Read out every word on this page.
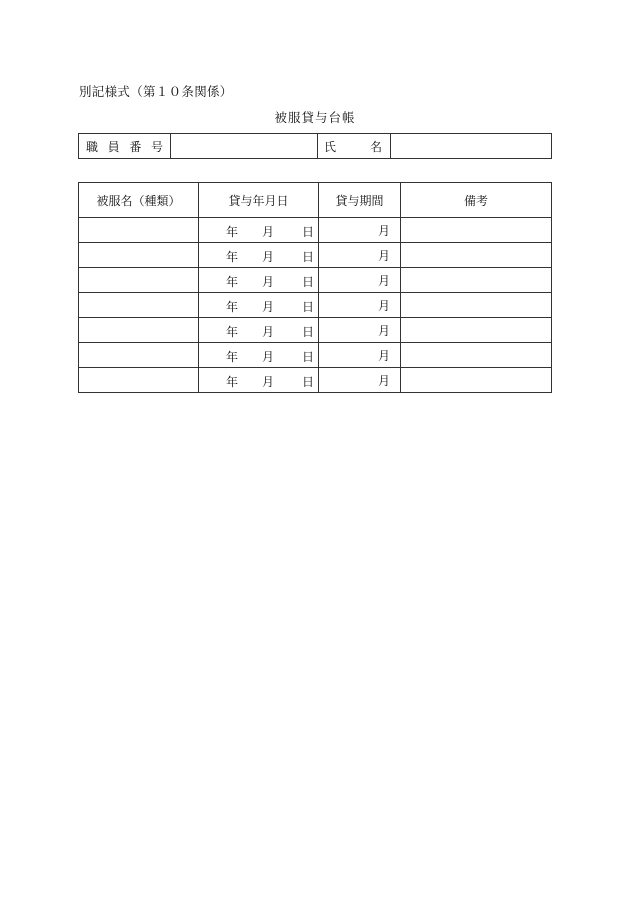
別記様式（第１０条関係）
被服貸与台帳
職 員 番 号		氏	名

被服名（種類）	貸与年月日	貸与期間	備考

	年 月 日	月	

	年 月 日	月	

	年 月 日	月	

	年 月 日	月	

	年 月 日	月	

	年 月 日	月	

	年 月 日	月	
